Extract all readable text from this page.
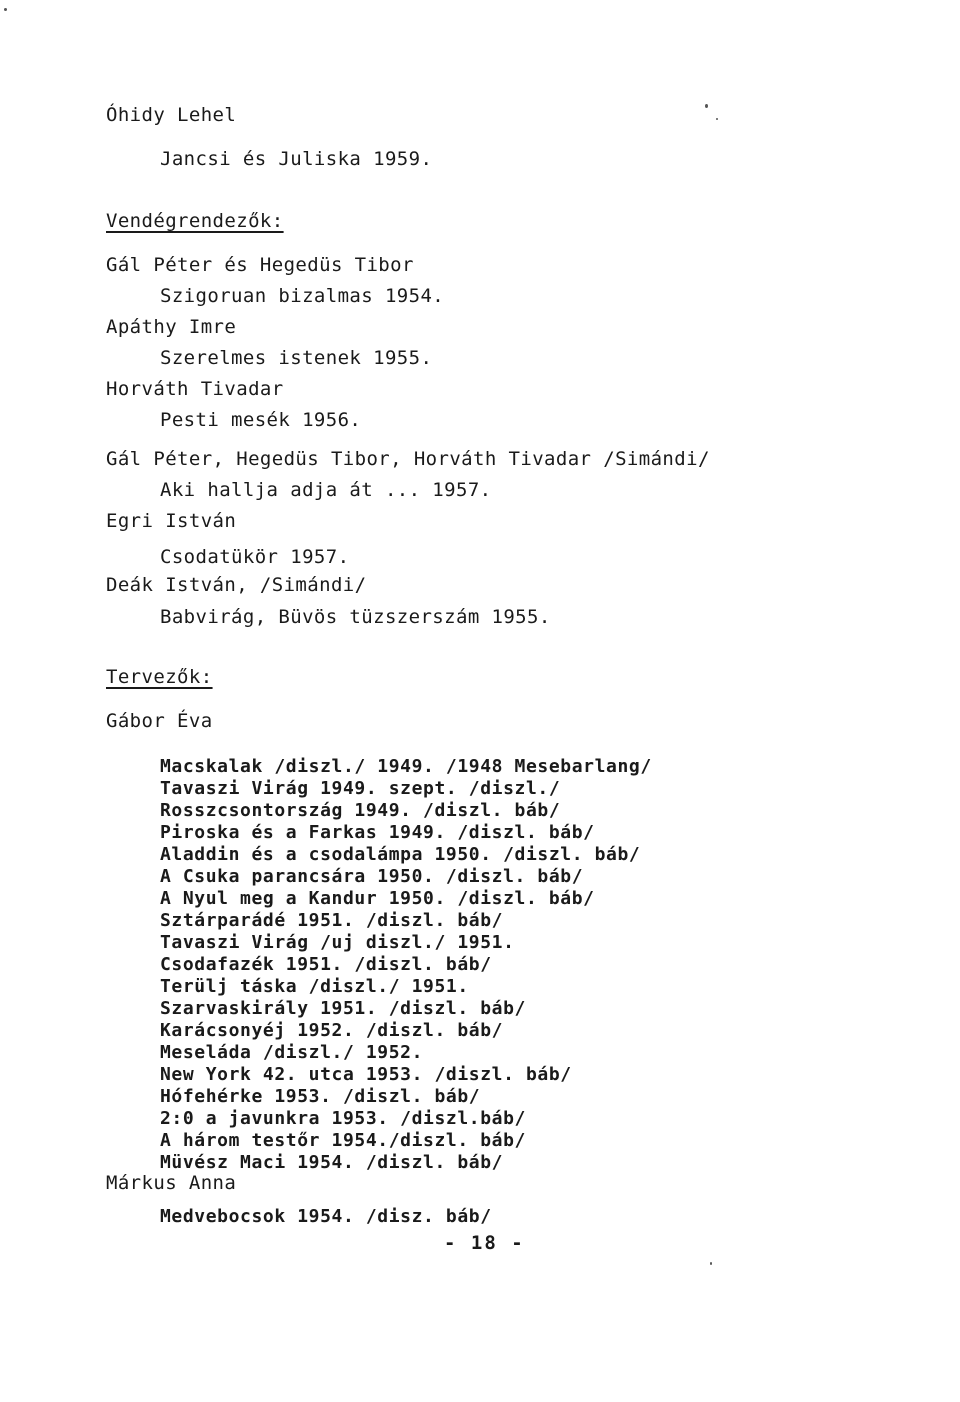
Óhidy Lehel
Jancsi és Juliska 1959.
Vendégrendezők:
Gál Péter és Hegedüs Tibor
Szigoruan bizalmas 1954.
Apáthy Imre
Szerelmes istenek 1955.
Horváth Tivadar
Pesti mesék 1956.
Gál Péter, Hegedüs Tibor, Horváth Tivadar /Simándi/
Aki hallja adja át ... 1957.
Egri István
Csodatükör 1957.
Deák István, /Simándi/
Babvirág, Büvös tüzszerszám 1955.
Tervezők:
Gábor Éva
Macskalak /diszl./ 1949. /1948 Mesebarlang/
Tavaszi Virág 1949. szept. /diszl./
Rosszcsontország 1949. /diszl. báb/
Piroska és a Farkas 1949. /diszl. báb/
Aladdin és a csodalámpa 1950. /diszl. báb/
A Csuka parancsára 1950. /diszl. báb/
A Nyul meg a Kandur 1950. /diszl. báb/
Sztárparádé 1951. /diszl. báb/
Tavaszi Virág /uj diszl./ 1951.
Csodafazék 1951. /diszl. báb/
Terülj táska /diszl./ 1951.
Szarvaskirály 1951. /diszl. báb/
Karácsonyéj 1952. /diszl. báb/
Meseláda /diszl./ 1952.
New York 42. utca 1953. /diszl. báb/
Hófehérke 1953. /diszl. báb/
2:0 a javunkra 1953. /diszl.báb/
A három testőr 1954./diszl. báb/
Müvész Maci 1954. /diszl. báb/
Márkus Anna
Medvebocsok 1954. /disz. báb/
- 18 -
